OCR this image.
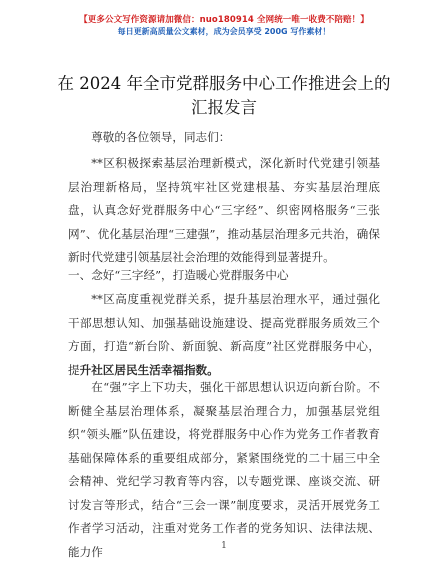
【更多公文写作资源请加微信：nuo180914 全网统一唯一收费不陪赔！】
每日更新高质量公文素材，成为会员享受 200G 写作素材！
在 2024 年全市党群服务中心工作推进会上的汇报发言
尊敬的各位领导，同志们：
**区积极探索基层治理新模式，深化新时代党建引领基层治理新格局，坚持筑牢社区党建根基、夯实基层治理底盘，认真念好党群服务中心“三字经”、织密网格服务“三张网”、优化基层治理“三建强”，推动基层治理多元共治，确保新时代党建引领基层社会治理的效能得到显著提升。
一、念好“三字经”，打造暖心党群服务中心
**区高度重视党群关系，提升基层治理水平，通过强化干部思想认知、加强基础设施建设、提高党群服务质效三个方面，打造“新台阶、新面貌、新高度”社区党群服务中心，提升社区居民生活幸福指数。
在“强”字上下功夫，强化干部思想认识迈向新台阶。不断健全基层治理体系，凝聚基层治理合力，加强基层党组织“领头雁”队伍建设，将党群服务中心作为党务工作者教育基础保障体系的重要组成部分，紧紧围绕党的二十届三中全会精神、党纪学习教育等内容，以专题党课、座谈交流、研讨发言等形式，结合“三会一课”制度要求，灵活开展党务工作者学习活动，注重对党务工作者的党务知识、法律法规、能力作	1
